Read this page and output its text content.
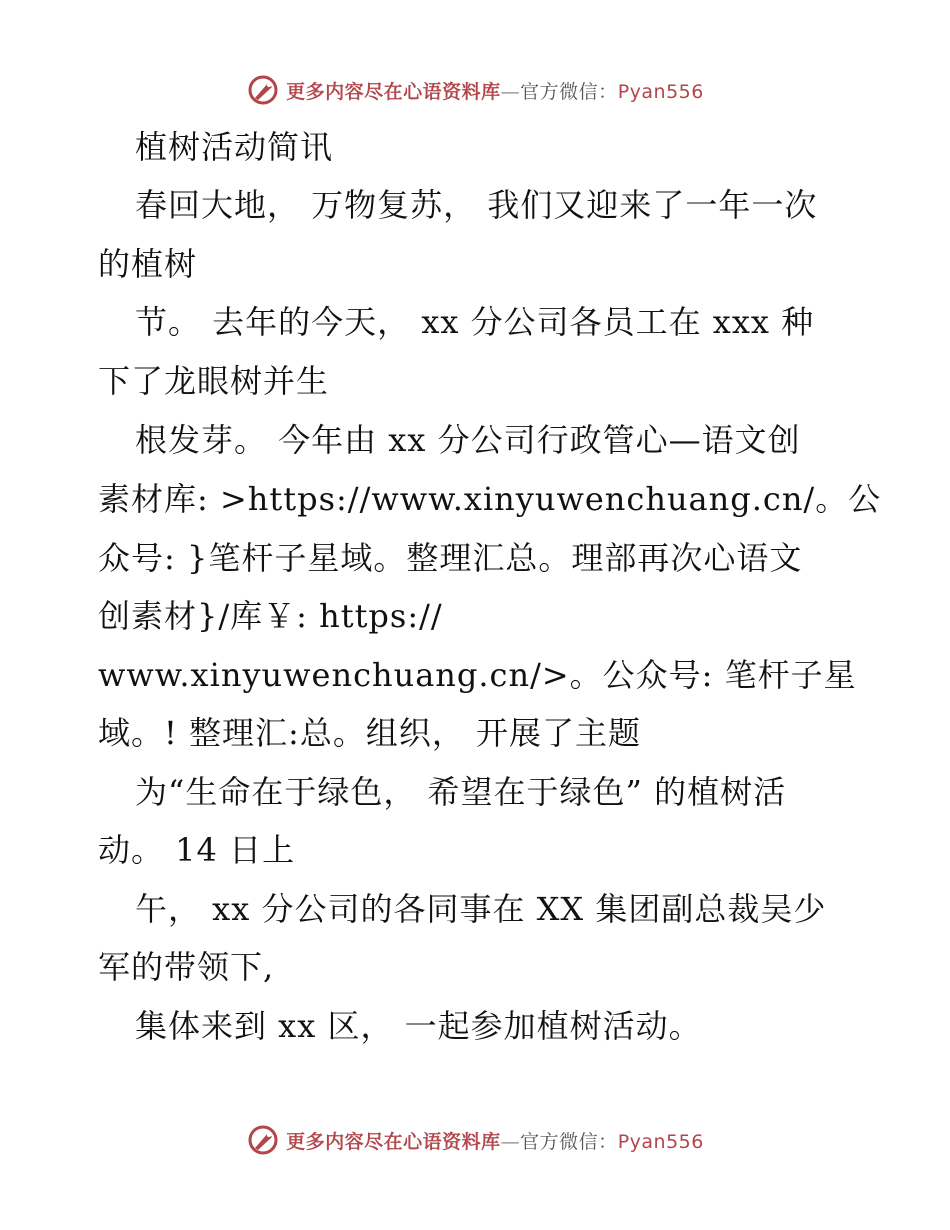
更多内容尽在心语资料库—官方微信：Pyan556
植树活动简讯
春回大地， 万物复苏， 我们又迎来了一年一次
的植树
节。 去年的今天， xx 分公司各员工在 xxx 种
下了龙眼树并生
根发芽。 今年由 xx 分公司行政管心—语文创
素材库: >https://www.xinyuwenchuang.cn/。公
众号: }笔杆子星域。整理汇总。理部再次心语文
创素材}/库￥: https://
www.xinyuwenchuang.cn/>。公众号: 笔杆子星
域。! 整理汇:总。组织， 开展了主题
为“生命在于绿色， 希望在于绿色” 的植树活
动。 14 日上
午， xx 分公司的各同事在 XX 集团副总裁吴少
军的带领下,
集体来到 xx 区， 一起参加植树活动。
更多内容尽在心语资料库—官方微信：Pyan556
